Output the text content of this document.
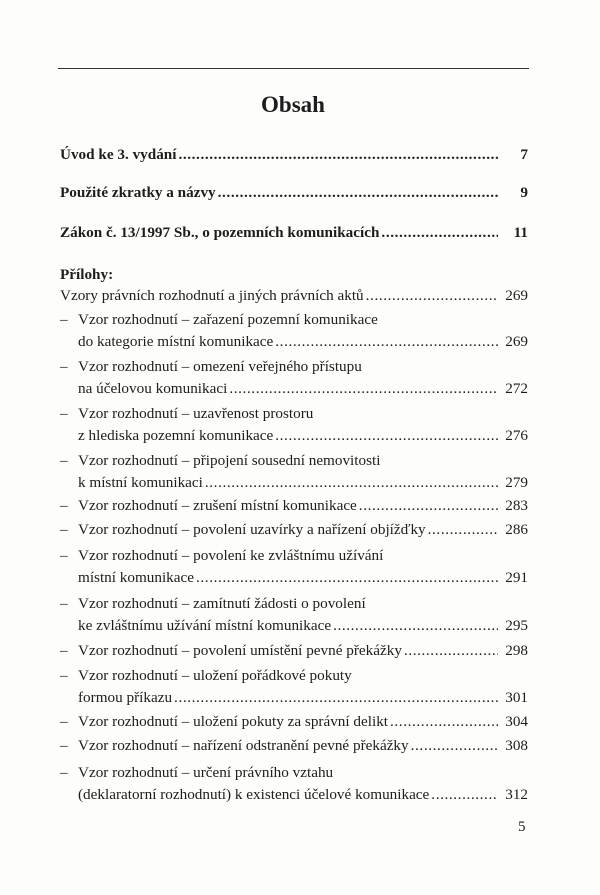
Obsah
Úvod ke 3. vydání .....	7
Použité zkratky a názvy .....	9
Zákon č. 13/1997 Sb., o pozemních komunikacích .....	11
Přílohy:
Vzory právních rozhodnutí a jiných právních aktů .....	269
– Vzor rozhodnutí – zařazení pozemní komunikace
do kategorie místní komunikace .....	269
– Vzor rozhodnutí – omezení veřejného přístupu
na účelovou komunikaci .....	272
– Vzor rozhodnutí – uzavřenost prostoru
z hlediska pozemní komunikace .....	276
– Vzor rozhodnutí – připojení sousední nemovitosti
k místní komunikaci .....	279
– Vzor rozhodnutí – zrušení místní komunikace .....	283
– Vzor rozhodnutí – povolení uzavírky a nařízení objížďky .....	286
– Vzor rozhodnutí – povolení ke zvláštnímu užívání
místní komunikace .....	291
– Vzor rozhodnutí – zamítnutí žádosti o povolení
ke zvláštnímu užívání místní komunikace .....	295
– Vzor rozhodnutí – povolení umístění pevné překážky .....	298
– Vzor rozhodnutí – uložení pořádkové pokuty
formou příkazu .....	301
– Vzor rozhodnutí – uložení pokuty za správní delikt .....	304
– Vzor rozhodnutí – nařízení odstranění pevné překážky .....	308
– Vzor rozhodnutí – určení právního vztahu
(deklaratorní rozhodnutí) k existenci účelové komunikace .....	312
5
